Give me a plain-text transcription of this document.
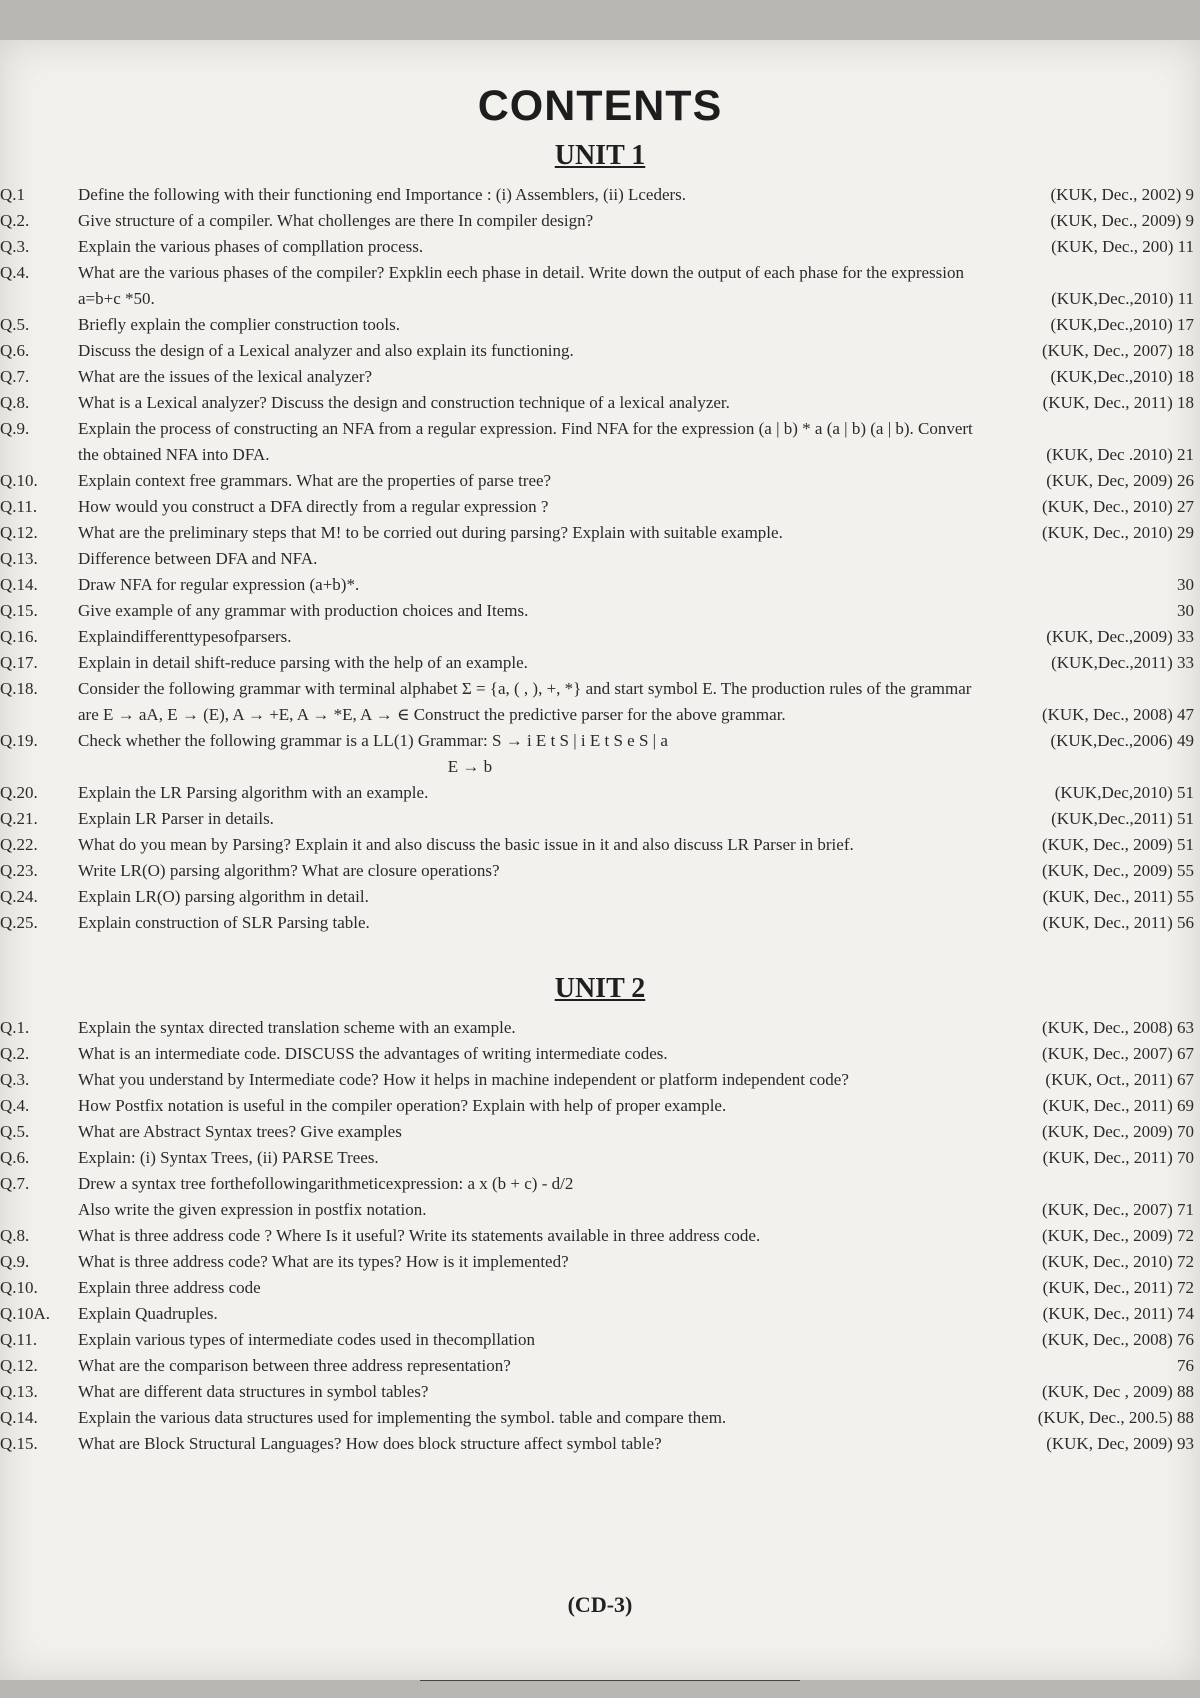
CONTENTS
UNIT 1
Q.1	Define the following with their functioning end Importance : (i) Assemblers, (ii) Lceders.	(KUK, Dec., 2002) 9
Q.2.	Give structure of a compiler. What chollenges are there In compiler design?	(KUK, Dec., 2009) 9
Q.3.	Explain the various phases of compllation process.	(KUK, Dec., 200) 11
Q.4.	What are the various phases of the compiler? Expklin eech phase in detail. Write down the output of each phase for the expression
a=b+c *50.	(KUK,Dec.,2010) 11
Q.5.	Briefly explain the complier construction tools.	(KUK,Dec.,2010) 17
Q.6.	Discuss the design of a Lexical analyzer and also explain its functioning.	(KUK, Dec., 2007) 18
Q.7.	What are the issues of the lexical analyzer?	(KUK,Dec.,2010) 18
Q.8.	What is a Lexical analyzer? Discuss the design and construction technique of a lexical analyzer.	(KUK, Dec., 2011) 18
Q.9.	Explain the process of constructing an NFA from a regular expression. Find NFA for the expression (a | b) * a (a | b) (a | b). Convert
the obtained NFA into DFA.	(KUK, Dec .2010) 21
Q.10.	Explain context free grammars. What are the properties of parse tree?	(KUK, Dec, 2009) 26
Q.11.	How would you construct a DFA directly from a regular expression ?	(KUK, Dec., 2010) 27
Q.12.	What are the preliminary steps that M! to be corried out during parsing? Explain with suitable example.	(KUK, Dec., 2010) 29
Q.13.	Difference between DFA and NFA.
Q.14.	Draw NFA for regular expression (a+b)*.	30
Q.15.	Give example of any grammar with production choices and Items.	30
Q.16.	Explaindifferenttypesofparsers.	(KUK, Dec.,2009) 33
Q.17.	Explain in detail shift-reduce parsing with the help of an example.	(KUK,Dec.,2011) 33
Q.18.	Consider the following grammar with terminal alphabet Σ = {a, ( , ), +, *} and start symbol E. The production rules of the grammar
are E → aA, E → (E), A → +E, A → *E, A → ∈ Construct the predictive parser for the above grammar.	(KUK, Dec., 2008) 47
Q.19.	Check whether the following grammar is a LL(1) Grammar: S → i E t S | i E t S e S | a	(KUK,Dec.,2006) 49
E → b
Q.20.	Explain the LR Parsing algorithm with an example.	(KUK,Dec,2010) 51
Q.21.	Explain LR Parser in details.	(KUK,Dec.,2011) 51
Q.22.	What do you mean by Parsing? Explain it and also discuss the basic issue in it and also discuss LR Parser in brief.	(KUK, Dec., 2009) 51
Q.23.	Write LR(O) parsing algorithm? What are closure operations?	(KUK, Dec., 2009) 55
Q.24.	Explain LR(O) parsing algorithm in detail.	(KUK, Dec., 2011) 55
Q.25.	Explain construction of SLR Parsing table.	(KUK, Dec., 2011) 56
UNIT 2
Q.1.	Explain the syntax directed translation scheme with an example.	(KUK, Dec., 2008) 63
Q.2.	What is an intermediate code. DISCUSS the advantages of writing intermediate codes.	(KUK, Dec., 2007) 67
Q.3.	What you understand by Intermediate code? How it helps in machine independent or platform independent code?	(KUK, Oct., 2011) 67
Q.4.	How Postfix notation is useful in the compiler operation? Explain with help of proper example.	(KUK, Dec., 2011) 69
Q.5.	What are Abstract Syntax trees? Give examples	(KUK, Dec., 2009) 70
Q.6.	Explain: (i) Syntax Trees, (ii) PARSE Trees.	(KUK, Dec., 2011) 70
Q.7.	Drew a syntax tree forthefollowingarithmeticexpression: a x (b + c) - d/2
Also write the given expression in postfix notation.	(KUK, Dec., 2007) 71
Q.8.	What is three address code ? Where Is it useful? Write its statements available in three address code.	(KUK, Dec., 2009) 72
Q.9.	What is three address code? What are its types? How is it implemented?	(KUK, Dec., 2010) 72
Q.10.	Explain three address code	(KUK, Dec., 2011) 72
Q.10A.	Explain Quadruples.	(KUK, Dec., 2011) 74
Q.11.	Explain various types of intermediate codes used in thecompllation	(KUK, Dec., 2008) 76
Q.12.	What are the comparison between three address representation?	76
Q.13.	What are different data structures in symbol tables?	(KUK, Dec , 2009) 88
Q.14.	Explain the various data structures used for implementing the symbol. table and compare them.	(KUK, Dec., 200.5) 88
Q.15.	What are Block Structural Languages? How does block structure affect symbol table?	(KUK, Dec, 2009) 93
(CD-3)
